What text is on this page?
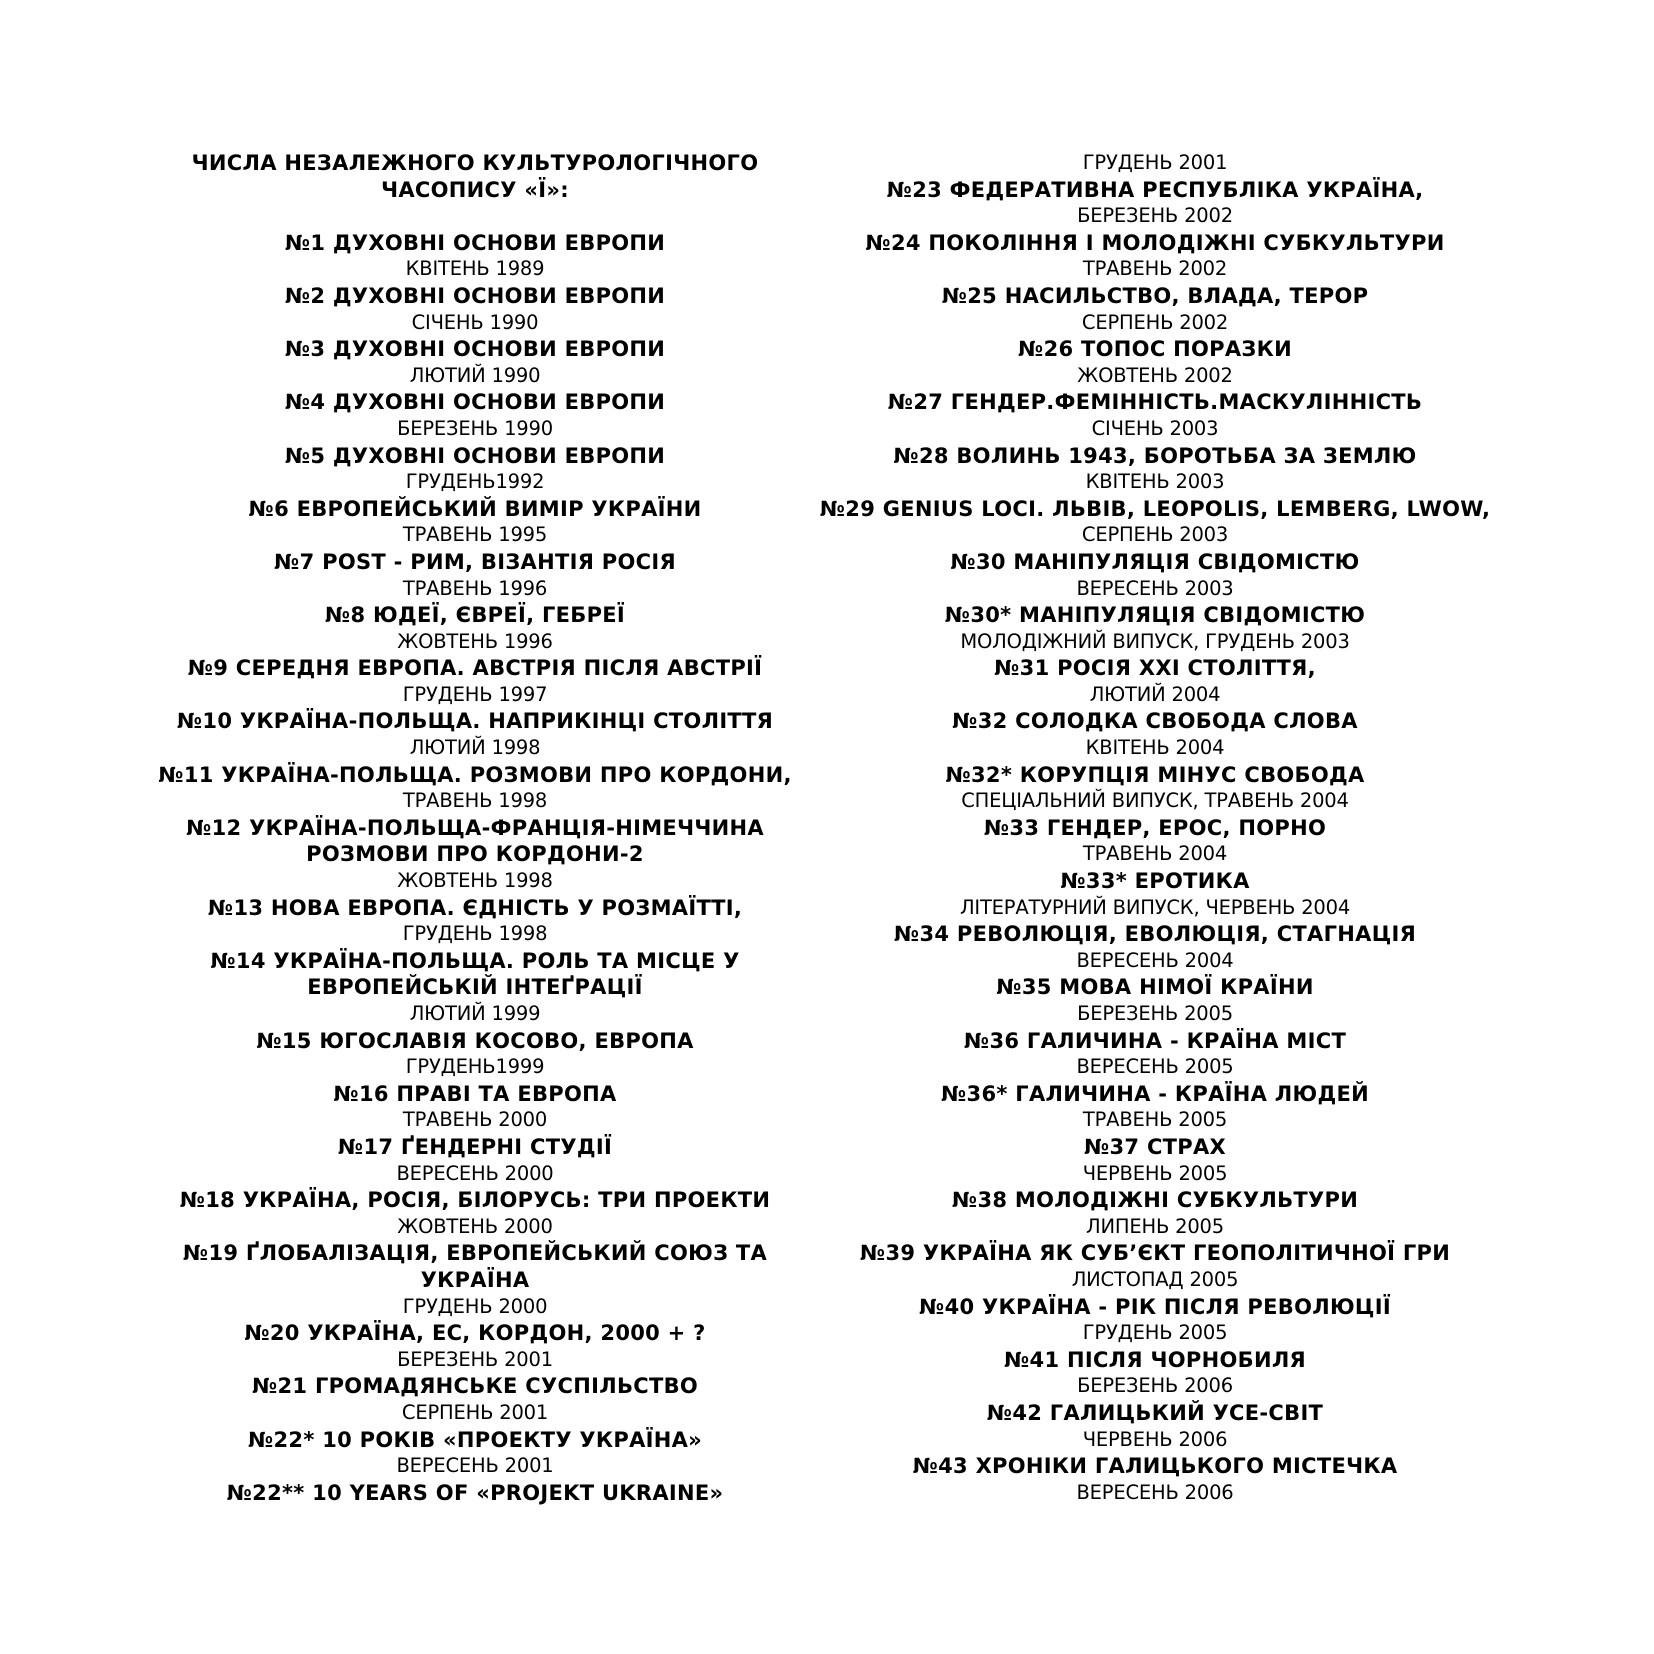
ЧИСЛА НЕЗАЛЕЖНОГО КУЛЬТУРОЛОГІЧНОГО
ЧАСОПИСУ «Ї»:
№1 ДУХОВНІ ОСНОВИ ЕВРОПИ
КВІТЕНЬ 1989
№2 ДУХОВНІ ОСНОВИ ЕВРОПИ
СІЧЕНЬ 1990
№3 ДУХОВНІ ОСНОВИ ЕВРОПИ
ЛЮТИЙ 1990
№4 ДУХОВНІ ОСНОВИ ЕВРОПИ
БЕРЕЗЕНЬ 1990
№5 ДУХОВНІ ОСНОВИ ЕВРОПИ
ГРУДЕНЬ1992
№6 ЕВРОПЕЙСЬКИЙ ВИМІР УКРАЇНИ
ТРАВЕНЬ 1995
№7 POST - РИМ, ВІЗАНТІЯ РОСІЯ
ТРАВЕНЬ 1996
№8 ЮДЕЇ, ЄВРЕЇ, ГЕБРЕЇ
ЖОВТЕНЬ 1996
№9 СЕРЕДНЯ ЕВРОПА. АВСТРІЯ ПІСЛЯ АВСТРІЇ
ГРУДЕНЬ 1997
№10 УКРАЇНА-ПОЛЬЩА. НАПРИКІНЦІ СТОЛІТТЯ
ЛЮТИЙ 1998
№11 УКРАЇНА-ПОЛЬЩА. РОЗМОВИ ПРО КОРДОНИ,
ТРАВЕНЬ 1998
№12 УКРАЇНА-ПОЛЬЩА-ФРАНЦІЯ-НІМЕЧЧИНА
РОЗМОВИ ПРО КОРДОНИ-2
ЖОВТЕНЬ 1998
№13 НОВА ЕВРОПА. ЄДНІСТЬ У РОЗМАЇТТІ,
ГРУДЕНЬ 1998
№14 УКРАЇНА-ПОЛЬЩА. РОЛЬ ТА МІСЦЕ У
ЕВРОПЕЙСЬКІЙ ІНТЕҐРАЦІЇ
ЛЮТИЙ 1999
№15 ЮГОСЛАВІЯ КОСОВО, ЕВРОПА
ГРУДЕНЬ1999
№16 ПРАВІ ТА ЕВРОПА
ТРАВЕНЬ 2000
№17 ҐЕНДЕРНІ СТУДІЇ
ВЕРЕСЕНЬ 2000
№18 УКРАЇНА, РОСІЯ, БІЛОРУСЬ: ТРИ ПРОЕКТИ
ЖОВТЕНЬ 2000
№19 ҐЛОБАЛІЗАЦІЯ, ЕВРОПЕЙСЬКИЙ СОЮЗ ТА
УКРАЇНА
ГРУДЕНЬ 2000
№20 УКРАЇНА, ЕС, КОРДОН, 2000 + ?
БЕРЕЗЕНЬ 2001
№21 ГРОМАДЯНСЬКЕ СУСПІЛЬСТВО
СЕРПЕНЬ 2001
№22* 10 РОКІВ «ПРОЕКТУ УКРАЇНА»
ВЕРЕСЕНЬ 2001
№22** 10 YEARS OF «PROJEKT UKRAINE»
ГРУДЕНЬ 2001
№23 ФЕДЕРАТИВНА РЕСПУБЛІКА УКРАЇНА,
БЕРЕЗЕНЬ 2002
№24 ПОКОЛІННЯ І МОЛОДІЖНІ СУБКУЛЬТУРИ
ТРАВЕНЬ 2002
№25 НАСИЛЬСТВО, ВЛАДА, ТЕРОР
СЕРПЕНЬ 2002
№26 ТОПОС ПОРАЗКИ
ЖОВТЕНЬ 2002
№27 ГЕНДЕР.ФЕМІННІСТЬ.МАСКУЛІННІСТЬ
СІЧЕНЬ 2003
№28 ВОЛИНЬ 1943, БОРОТЬБА ЗА ЗЕМЛЮ
КВІТЕНЬ 2003
№29 GENIUS LOCI. ЛЬВІВ, LEOPOLIS, LEMBERG, LWOW,
СЕРПЕНЬ 2003
№30 МАНІПУЛЯЦІЯ СВІДОМІСТЮ
ВЕРЕСЕНЬ 2003
№30* МАНІПУЛЯЦІЯ СВІДОМІСТЮ
МОЛОДІЖНИЙ ВИПУСК, ГРУДЕНЬ 2003
№31 РОСІЯ XXI СТОЛІТТЯ,
ЛЮТИЙ 2004
№32 СОЛОДКА СВОБОДА СЛОВА
КВІТЕНЬ 2004
№32* КОРУПЦІЯ МІНУС СВОБОДА
СПЕЦІАЛЬНИЙ ВИПУСК, ТРАВЕНЬ 2004
№33 ГЕНДЕР, ЕРОС, ПОРНО
ТРАВЕНЬ 2004
№33* ЕРОТИКА
ЛІТЕРАТУРНИЙ ВИПУСК, ЧЕРВЕНЬ 2004
№34 РЕВОЛЮЦІЯ, ЕВОЛЮЦІЯ, СТАГНАЦІЯ
ВЕРЕСЕНЬ 2004
№35 МОВА НІМОЇ КРАЇНИ
БЕРЕЗЕНЬ 2005
№36 ГАЛИЧИНА - КРАЇНА МІСТ
ВЕРЕСЕНЬ 2005
№36* ГАЛИЧИНА - КРАЇНА ЛЮДЕЙ
ТРАВЕНЬ 2005
№37 СТРАХ
ЧЕРВЕНЬ 2005
№38 МОЛОДІЖНІ СУБКУЛЬТУРИ
ЛИПЕНЬ 2005
№39 УКРАЇНА ЯК СУБ’ЄКТ ГЕОПОЛІТИЧНОЇ ГРИ
ЛИСТОПАД 2005
№40 УКРАЇНА - РІК ПІСЛЯ РЕВОЛЮЦІЇ
ГРУДЕНЬ 2005
№41 ПІСЛЯ ЧОРНОБИЛЯ
БЕРЕЗЕНЬ 2006
№42 ГАЛИЦЬКИЙ УСЕ-СВІТ
ЧЕРВЕНЬ 2006
№43 ХРОНІКИ ГАЛИЦЬКОГО МІСТЕЧКА
ВЕРЕСЕНЬ 2006
